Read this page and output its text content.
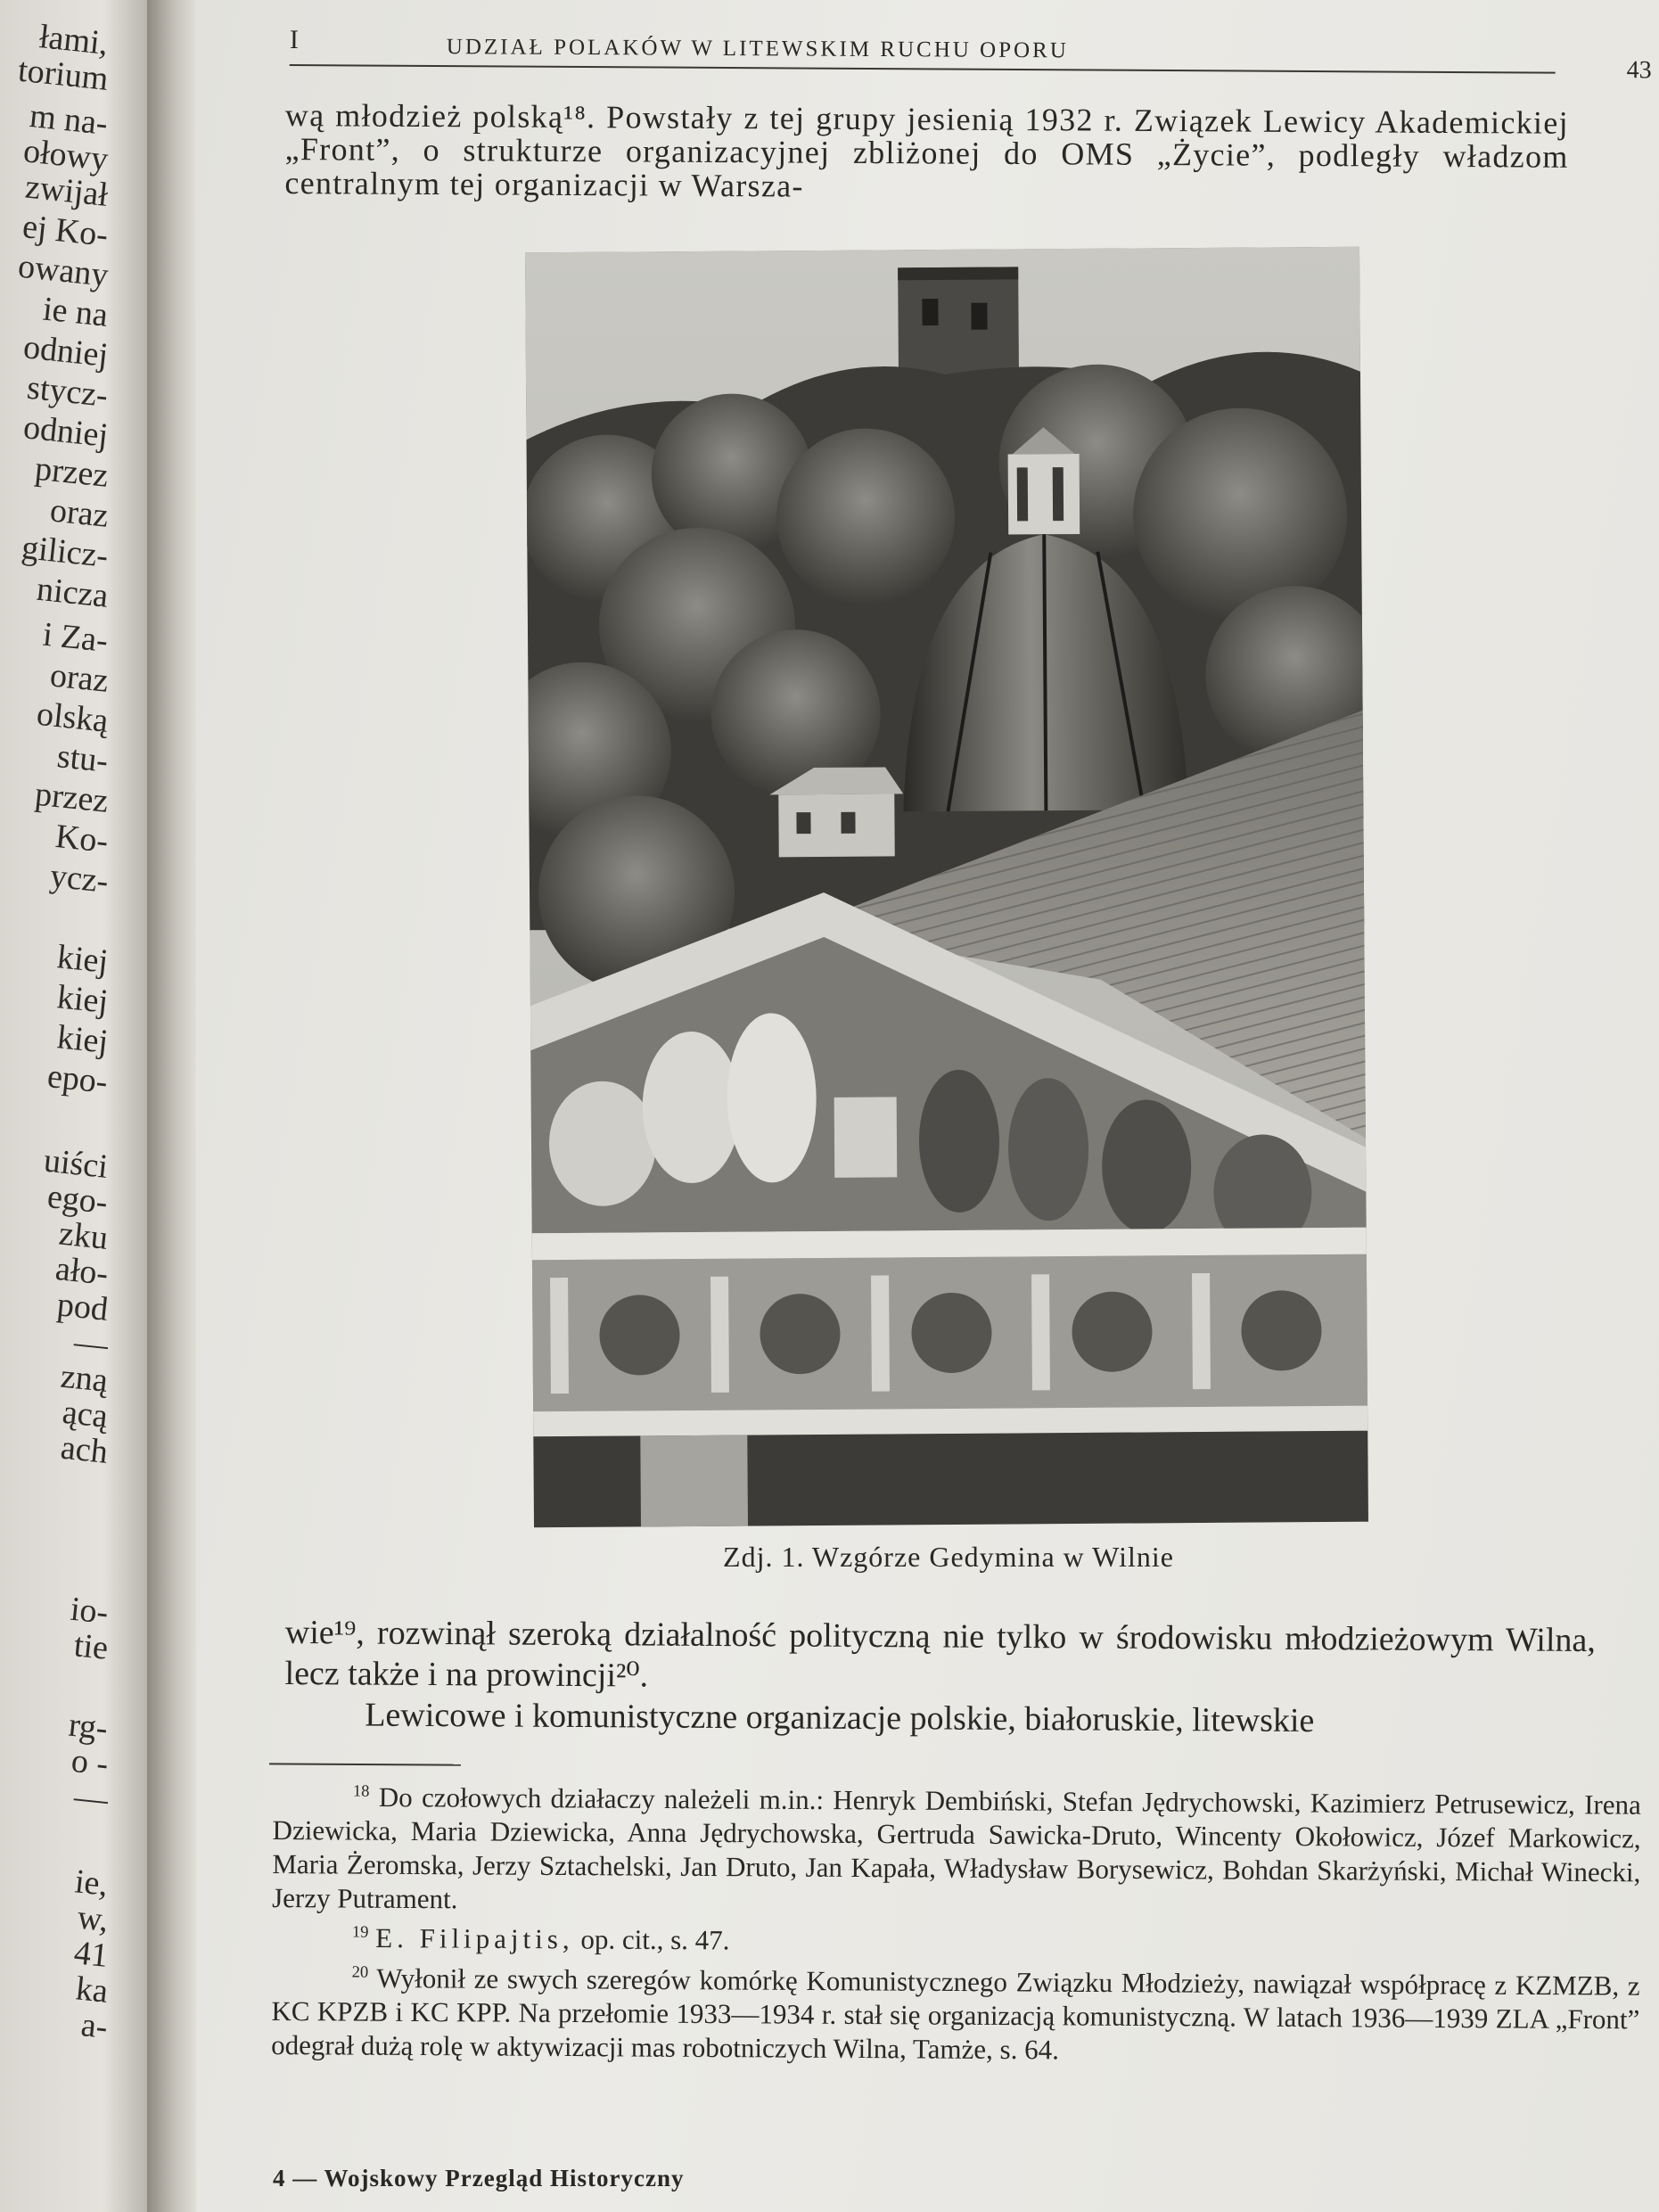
łami,
torium
m na-
ołowy
zwijał
ej Ko-
owany
ie na
odniej
stycz-
odniej
przez
oraz
gilicz-
nicza
i Za-
oraz
olską
stu-
przez
Ko-
ycz-
kiej
kiej
kiej
epo-
uiści
ego-
zku
ało-
pod
—
zną
ącą
ach
io-
tie
rg-
o -
—
ie,
w,
41
ka
a-
I	UDZIAŁ POLAKÓW W LITEWSKIM RUCHU OPORU
43

wą młodzież polską¹⁸. Powstały z tej grupy jesienią 1932 r. Związek Lewicy Akademickiej „Front”, o strukturze organizacyjnej zbliżonej do OMS „Życie”, podległy władzom centralnym tej organizacji w Warsza-

Zdj. 1. Wzgórze Gedymina w Wilnie

wie¹⁹, rozwinął szeroką działalność polityczną nie tylko w środowisku młodzieżowym Wilna, lecz także i na prowincji²⁰.

Lewicowe i komunistyczne organizacje polskie, białoruskie, litewskie

$^{18}$ Do czołowych działaczy należeli m.in.: Henryk Dembiński, Stefan Jędrychowski, Kazimierz Petrusewicz, Irena Dziewicka, Maria Dziewicka, Anna Jędrychowska, Gertruda Sawicka-Druto, Wincenty Okołowicz, Józef Markowicz, Maria Żeromska, Jerzy Sztachelski, Jan Druto, Jan Kapała, Władysław Borysewicz, Bohdan Skarżyński, Michał Winecki, Jerzy Putrament.

$^{19}$ E. Filipajtis, op. cit., s. 47.

$^{20}$ Wyłonił ze swych szeregów komórkę Komunistycznego Związku Młodzieży, nawiązał współpracę z KZMZB, z KC KPZB i KC KPP. Na przełomie 1933—1934 r. stał się organizacją komunistyczną. W latach 1936—1939 ZLA „Front” odegrał dużą rolę w aktywizacji mas robotniczych Wilna, Tamże, s. 64.

4 — Wojskowy Przegląd Historyczny
